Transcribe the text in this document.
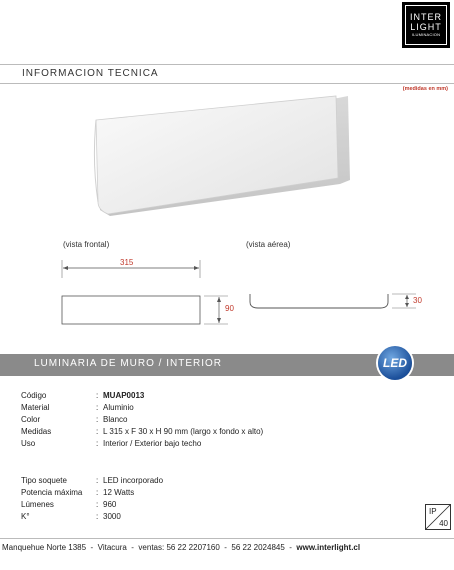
INTER
LIGHT
ILUMINACION
INFORMACION TECNICA
(medidas en mm)
(vista frontal)	(vista aérea)
315
90
30
LUMINARIA DE MURO / INTERIOR	LED
Código	: MUAP0013
Material	: Aluminio
Color	: Blanco
Medidas	: L 315 x F 30 x H 90 mm (largo x fondo x alto)
Uso	: Interior / Exterior bajo techo
Tipo soquete	: LED incorporado
Potencia máxima : 12 Watts
Lúmenes	: 960
K°	: 3000
IP
40
Manquehue Norte 1385 - Vitacura - ventas: 56 22 2207160 - 56 22 2024845 - www.interlight.cl
